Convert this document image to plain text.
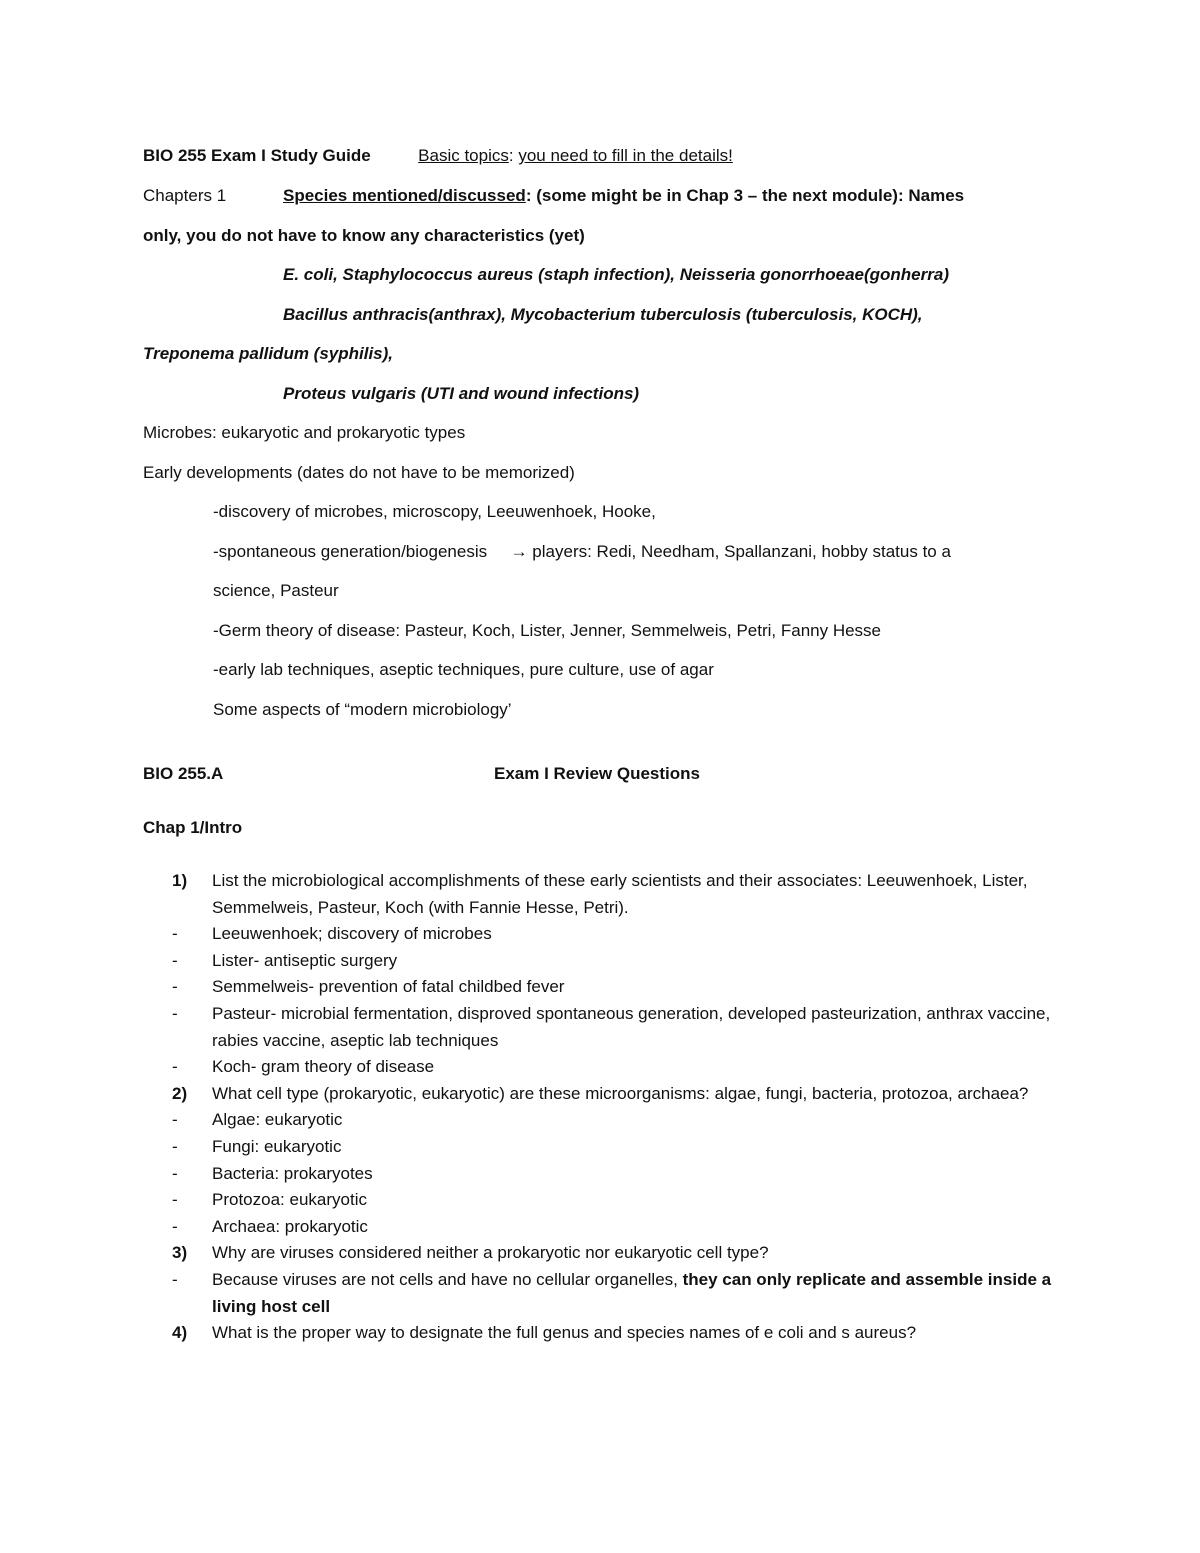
BIO 255 Exam I Study Guide	Basic topics: you need to fill in the details!
Chapters 1	Species mentioned/discussed: (some might be in Chap 3 – the next module): Names
only, you do not have to know any characteristics (yet)
E. coli, Staphylococcus aureus (staph infection), Neisseria gonorrhoeae(gonherra)
Bacillus anthracis(anthrax), Mycobacterium tuberculosis (tuberculosis, KOCH),
Treponema pallidum (syphilis),
Proteus vulgaris (UTI and wound infections)
Microbes: eukaryotic and prokaryotic types
Early developments (dates do not have to be memorized)
-discovery of microbes, microscopy, Leeuwenhoek, Hooke,
-spontaneous generation/biogenesis → players: Redi, Needham, Spallanzani, hobby status to a
science, Pasteur
-Germ theory of disease: Pasteur, Koch, Lister, Jenner, Semmelweis, Petri, Fanny Hesse
-early lab techniques, aseptic techniques, pure culture, use of agar
Some aspects of “modern microbiology’
BIO 255.A	Exam I Review Questions
Chap 1/Intro
1)	List the microbiological accomplishments of these early scientists and their associates: Leeuwenhoek, Lister, Semmelweis, Pasteur, Koch (with Fannie Hesse, Petri).
-	Leeuwenhoek; discovery of microbes
-	Lister- antiseptic surgery
-	Semmelweis- prevention of fatal childbed fever
-	Pasteur- microbial fermentation, disproved spontaneous generation, developed pasteurization, anthrax vaccine, rabies vaccine, aseptic lab techniques
-	Koch- gram theory of disease
2)	What cell type (prokaryotic, eukaryotic) are these microorganisms: algae, fungi, bacteria, protozoa, archaea?
-	Algae: eukaryotic
-	Fungi: eukaryotic
-	Bacteria: prokaryotes
-	Protozoa: eukaryotic
-	Archaea: prokaryotic
3)	Why are viruses considered neither a prokaryotic nor eukaryotic cell type?
-	Because viruses are not cells and have no cellular organelles, they can only replicate and assemble inside a living host cell
4)	What is the proper way to designate the full genus and species names of e coli and s aureus?
